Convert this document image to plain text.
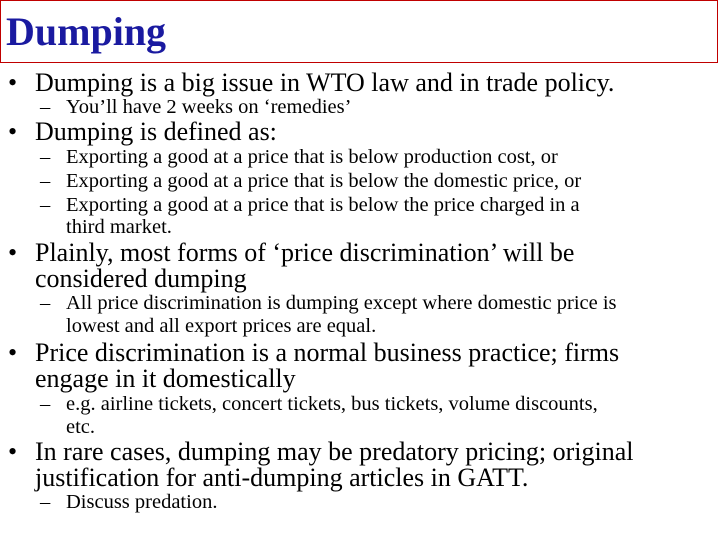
Dumping
• Dumping is a big issue in WTO law and in trade policy.
– You’ll have 2 weeks on ‘remedies’
• Dumping is defined as:
– Exporting a good at a price that is below production cost, or
– Exporting a good at a price that is below the domestic price, or
– Exporting a good at a price that is below the price charged in a
third market.
• Plainly, most forms of ‘price discrimination’ will be
considered dumping
– All price discrimination is dumping except where domestic price is
lowest and all export prices are equal.
• Price discrimination is a normal business practice; firms
engage in it domestically
– e.g. airline tickets, concert tickets, bus tickets, volume discounts,
etc.
• In rare cases, dumping may be predatory pricing; original
justification for anti-dumping articles in GATT.
– Discuss predation.
